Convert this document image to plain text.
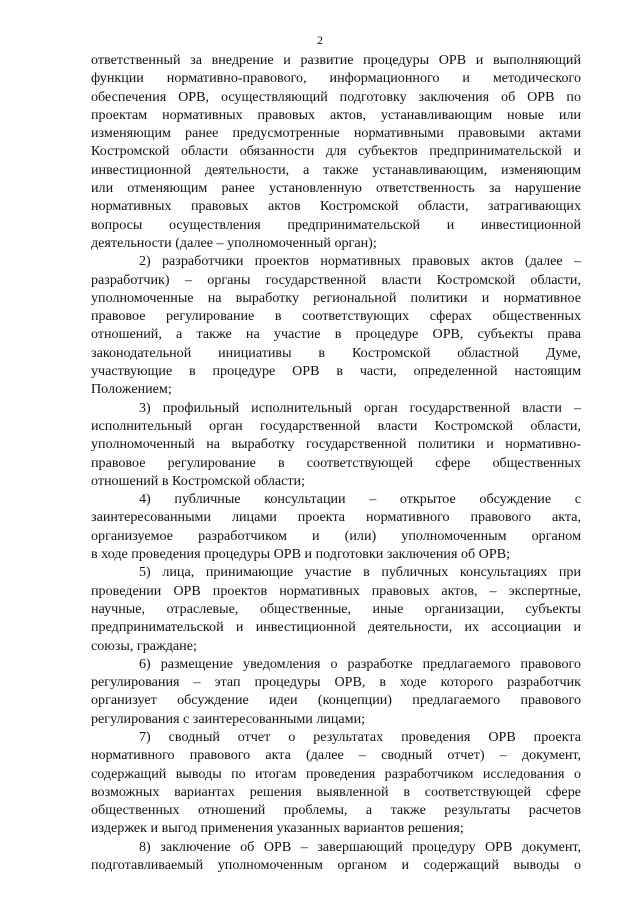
2
ответственный за внедрение и развитие процедуры ОРВ и выполняющий
функции нормативно-правового, информационного и методического
обеспечения ОРВ, осуществляющий подготовку заключения об ОРВ по
проектам нормативных правовых актов, устанавливающим новые или
изменяющим ранее предусмотренные нормативными правовыми актами
Костромской области обязанности для субъектов предпринимательской и
инвестиционной деятельности, а также устанавливающим, изменяющим
или отменяющим ранее установленную ответственность за нарушение
нормативных правовых актов Костромской области, затрагивающих
вопросы осуществления предпринимательской и инвестиционной
деятельности (далее – уполномоченный орган);
2) разработчики проектов нормативных правовых актов (далее –
разработчик) – органы государственной власти Костромской области,
уполномоченные на выработку региональной политики и нормативное
правовое регулирование в соответствующих сферах общественных
отношений, а также на участие в процедуре ОРВ, субъекты права
законодательной инициативы в Костромской областной Думе,
участвующие в процедуре ОРВ в части, определенной настоящим
Положением;
3) профильный исполнительный орган государственной власти –
исполнительный орган государственной власти Костромской области,
уполномоченный на выработку государственной политики и нормативно-
правовое регулирование в соответствующей сфере общественных
отношений в Костромской области;
4) публичные консультации – открытое обсуждение с
заинтересованными лицами проекта нормативного правового акта,
организуемое разработчиком и (или) уполномоченным органом
в ходе проведения процедуры ОРВ и подготовки заключения об ОРВ;
5) лица, принимающие участие в публичных консультациях при
проведении ОРВ проектов нормативных правовых актов, – экспертные,
научные, отраслевые, общественные, иные организации, субъекты
предпринимательской и инвестиционной деятельности, их ассоциации и
союзы, граждане;
6) размещение уведомления о разработке предлагаемого правового
регулирования – этап процедуры ОРВ, в ходе которого разработчик
организует обсуждение идеи (концепции) предлагаемого правового
регулирования с заинтересованными лицами;
7) сводный отчет о результатах проведения ОРВ проекта
нормативного правового акта (далее – сводный отчет) – документ,
содержащий выводы по итогам проведения разработчиком исследования о
возможных вариантах решения выявленной в соответствующей сфере
общественных отношений проблемы, а также результаты расчетов
издержек и выгод применения указанных вариантов решения;
8) заключение об ОРВ – завершающий процедуру ОРВ документ,
подготавливаемый уполномоченным органом и содержащий выводы о
